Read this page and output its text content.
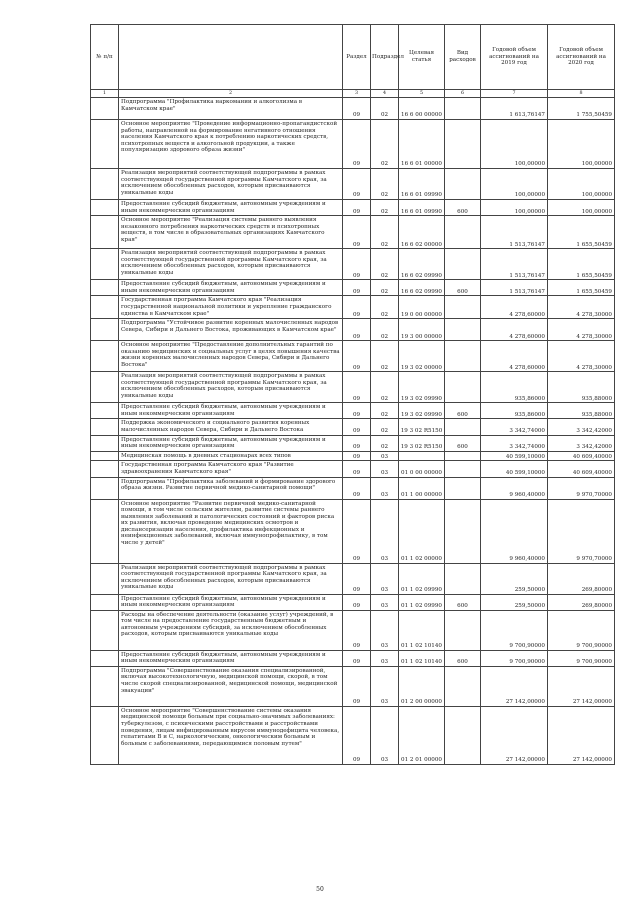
№ п/п		Раздел	Подраздел	Целевая статья	Вид расходов	Годовой объем ассигнований на 2019 год	Годовой объем ассигнований на 2020 год
1	2	3	4	5	6	7	8
	Подпрограмма "Профилактика наркомании и алкоголизма в Камчатском крае"	09	02	16 6 00 00000		1 613,76147	1 755,50459
	Основное мероприятие "Проведение информационно-пропагандистской работы, направленной на формирование негативного отношения населения Камчатского края к потреблению наркотических средств, психотропных веществ и алкогольной продукции, а также популяризацию здорового образа жизни"	09	02	16 6 01 00000		100,00000	100,00000
	Реализация мероприятий соответствующей подпрограммы в рамках соответствующей государственной программы Камчатского края, за исключением обособленных расходов, которым присваиваются уникальные коды	09	02	16 6 01 09990		100,00000	100,00000
	Предоставление субсидий бюджетным, автономным учреждениям и иным некоммерческим организациям	09	02	16 6 01 09990	600	100,00000	100,00000
	Основное мероприятие "Реализация системы раннего выявления незаконного потребления наркотических средств и психотропных веществ, в том числе в образовательных организациях Камчатского края"	09	02	16 6 02 00000		1 513,76147	1 655,50459
	Реализация мероприятий соответствующей подпрограммы в рамках соответствующей государственной программы Камчатского края, за исключением обособленных расходов, которым присваиваются уникальные коды	09	02	16 6 02 09990		1 513,76147	1 655,50459
	Предоставление субсидий бюджетным, автономным учреждениям и иным некоммерческим организациям	09	02	16 6 02 09990	600	1 513,76147	1 655,50459
	Государственная программа Камчатского края "Реализация государственной национальной политики и укрепление гражданского единства в Камчатском крае"	09	02	19 0 00 00000		4 278,60000	4 278,30000
	Подпрограмма "Устойчивое развитие коренных малочисленных народов Севера, Сибири и Дальнего Востока, проживающих в Камчатском крае"	09	02	19 3 00 00000		4 278,60000	4 278,30000
	Основное мероприятие "Предоставление дополнительных гарантий по оказанию медицинских и социальных услуг в целях повышения качества жизни коренных малочисленных народов Севера, Сибири и Дальнего Востока"	09	02	19 3 02 00000		4 278,60000	4 278,30000
	Реализация мероприятий соответствующей подпрограммы в рамках соответствующей государственной программы Камчатского края, за исключением обособленных расходов, которым присваиваются уникальные коды	09	02	19 3 02 09990		935,86000	935,88000
	Предоставление субсидий бюджетным, автономным учреждениям и иным некоммерческим организациям	09	02	19 3 02 09990	600	935,86000	935,88000
	Поддержка экономического и социального развития коренных малочисленных народов Севера, Сибири и Дальнего Востока	09	02	19 3 02 R5150		3 342,74000	3 342,42000
	Предоставление субсидий бюджетным, автономным учреждениям и иным некоммерческим организациям	09	02	19 3 02 R5150	600	3 342,74000	3 342,42000
	Медицинская помощь в дневных стационарах всех типов	09	03			40 599,10000	40 609,40000
	Государственная программа Камчатского края "Развитие здравоохранения Камчатского края"	09	03	01 0 00 00000		40 599,10000	40 609,40000
	Подпрограмма "Профилактика заболеваний и формирование здорового образа жизни. Развитие первичной медико-санитарной помощи"	09	03	01 1 00 00000		9 960,40000	9 970,70000
	Основное мероприятие "Развитие первичной медико-санитарной помощи, в том числе сельским жителям, развитие системы раннего выявления заболеваний и патологических состояний и факторов риска их развития, включая проведение медицинских осмотров и диспансеризации населения, профилактика инфекционных и неинфекционных заболеваний, включая иммунопрофилактику, в том числе у детей"	09	03	01 1 02 00000		9 960,40000	9 970,70000
	Реализация мероприятий соответствующей подпрограммы в рамках соответствующей государственной программы Камчатского края, за исключением обособленных расходов, которым присваиваются уникальные коды	09	03	01 1 02 09990		259,50000	269,80000
	Предоставление субсидий бюджетным, автономным учреждениям и иным некоммерческим организациям	09	03	01 1 02 09990	600	259,50000	269,80000
	Расходы на обеспечение деятельности (оказание услуг) учреждений, в том числе на предоставление государственным бюджетным и автономным учреждениям субсидий, за исключением обособленных расходов, которым присваиваются уникальные коды	09	03	01 1 02 10140		9 700,90000	9 700,90000
	Предоставление субсидий бюджетным, автономным учреждениям и иным некоммерческим организациям	09	03	01 1 02 10140	600	9 700,90000	9 700,90000
	Подпрограмма "Совершенствование оказания специализированной, включая высокотехнологичную, медицинской помощи, скорой, в том числе скорой специализированной, медицинской помощи, медицинской эвакуации"	09	03	01 2 00 00000		27 142,00000	27 142,00000
	Основное мероприятие "Совершенствование системы оказания медицинской помощи больным при социально-значимых заболеваниях: туберкулезом, с психическими расстройствами и расстройствами поведения, лицам инфицированным вирусом иммунодефицита человека, гепатитами B и C, наркологическим, онкологическим больным и больным с заболеваниями, передающимися половым путем"	09	03	01 2 01 00000		27 142,00000	27 142,00000
50
